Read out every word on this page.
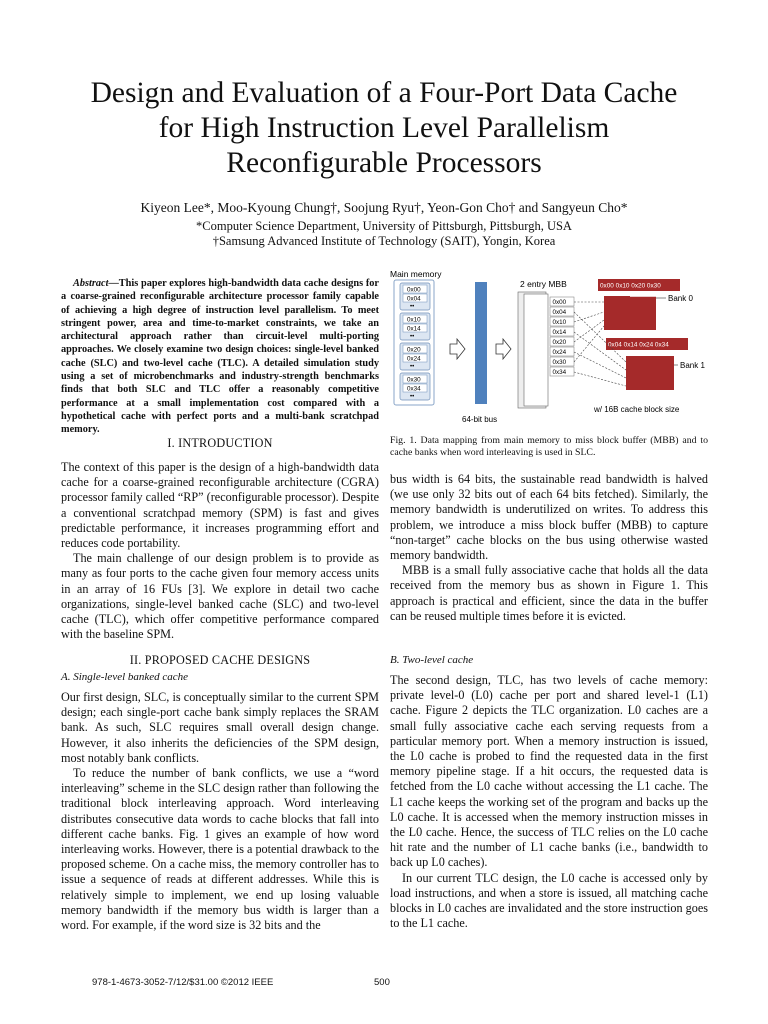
Design and Evaluation of a Four-Port Data Cache
for High Instruction Level Parallelism
Reconfigurable Processors
Kiyeon Lee*, Moo-Kyoung Chung†, Soojung Ryu†, Yeon-Gon Cho† and Sangyeun Cho*
*Computer Science Department, University of Pittsburgh, Pittsburgh, USA
†Samsung Advanced Institute of Technology (SAIT), Yongin, Korea
Abstract—This paper explores high-bandwidth data cache designs for a coarse-grained reconfigurable architecture processor family capable of achieving a high degree of instruction level parallelism. To meet stringent power, area and time-to-market constraints, we take an architectural approach rather than circuit-level multi-porting approaches. We closely examine two design choices: single-level banked cache (SLC) and two-level cache (TLC). A detailed simulation study using a set of microbenchmarks and industry-strength benchmarks finds that both SLC and TLC offer a reasonably competitive performance at a small implementation cost compared with a hypothetical cache with perfect ports and a multi-bank scratchpad memory.
I. INTRODUCTION

The context of this paper is the design of a high-bandwidth data cache for a coarse-grained reconfigurable architecture (CGRA) processor family called “RP” (reconfigurable processor). Despite a conventional scratchpad memory (SPM) is fast and gives predictable performance, it increases programming effort and reduces code portability.

The main challenge of our design problem is to provide as many as four ports to the cache given four memory access units in an array of 16 FUs [3]. We explore in detail two cache organizations, single-level banked cache (SLC) and two-level cache (TLC), which offer competitive performance compared with the baseline SPM.

II. PROPOSED CACHE DESIGNS
A. Single-level banked cache

Our first design, SLC, is conceptually similar to the current SPM design; each single-port cache bank simply replaces the SRAM bank. As such, SLC requires small overall design change. However, it also inherits the deficiencies of the SPM design, most notably bank conflicts.

To reduce the number of bank conflicts, we use a “word interleaving” scheme in the SLC design rather than following the traditional block interleaving approach. Word interleaving distributes consecutive data words to cache blocks that fall into different cache banks. Fig. 1 gives an example of how word interleaving works. However, there is a potential drawback to the proposed scheme. On a cache miss, the memory controller has to issue a sequence of reads at different addresses. While this is relatively simple to implement, we end up losing valuable memory bandwidth if the memory bus width is larger than a word. For example, if the word size is 32 bits and the

Main memory
0x00
0x04
••
0x10
0x14
••
0x20
0x24
••
0x30
0x34
••
64-bit bus
2 entry MBB
0x00
0x04
0x10
0x14
0x20
0x24
0x30
0x34
0x00 0x10 0x20 0x30
Bank 0
0x04 0x14 0x24 0x34
Bank 1
w/ 16B cache block size
Fig. 1. Data mapping from main memory to miss block buffer (MBB) and to cache banks when word interleaving is used in SLC.

bus width is 64 bits, the sustainable read bandwidth is halved (we use only 32 bits out of each 64 bits fetched). Similarly, the memory bandwidth is underutilized on writes. To address this problem, we introduce a miss block buffer (MBB) to capture “non-target” cache blocks on the bus using otherwise wasted memory bandwidth.

MBB is a small fully associative cache that holds all the data received from the memory bus as shown in Figure 1. This approach is practical and efficient, since the data in the buffer can be reused multiple times before it is evicted.

B. Two-level cache

The second design, TLC, has two levels of cache memory: private level-0 (L0) cache per port and shared level-1 (L1) cache. Figure 2 depicts the TLC organization. L0 caches are a small fully associative cache each serving requests from a particular memory port. When a memory instruction is issued, the L0 cache is probed to find the requested data in the first memory pipeline stage. If a hit occurs, the requested data is fetched from the L0 cache without accessing the L1 cache. The L1 cache keeps the working set of the program and backs up the L0 cache. It is accessed when the memory instruction misses in the L0 cache. Hence, the success of TLC relies on the L0 cache hit rate and the number of L1 cache banks (i.e., bandwidth to back up L0 caches).

In our current TLC design, the L0 cache is accessed only by load instructions, and when a store is issued, all matching cache blocks in L0 caches are invalidated and the store instruction goes to the L1 cache.

978-1-4673-3052-7/12/$31.00 ©2012 IEEE	500
